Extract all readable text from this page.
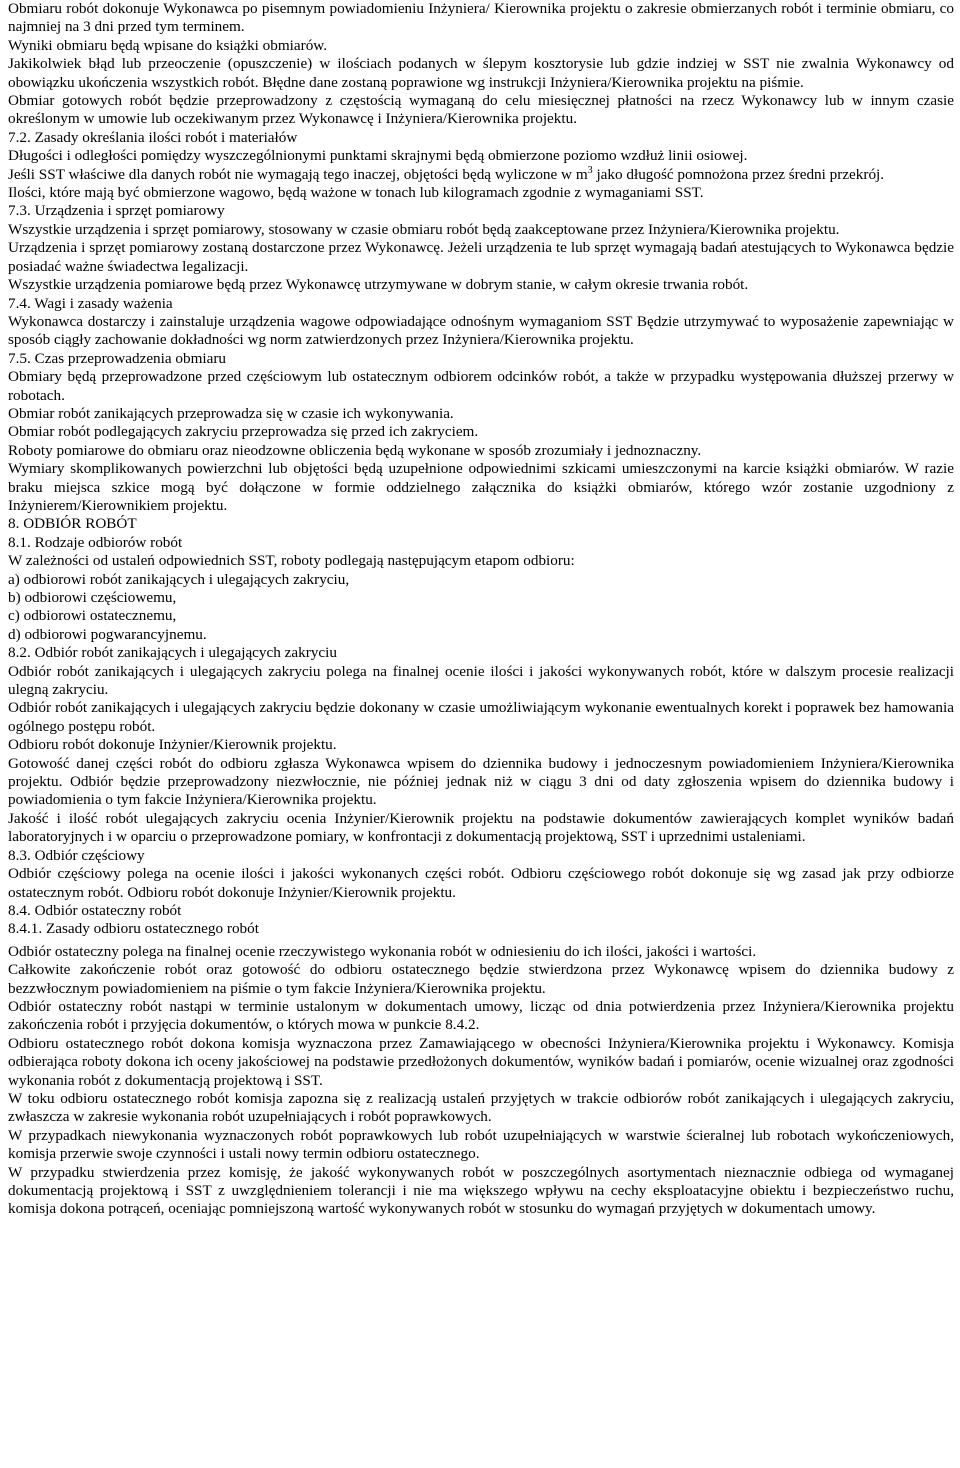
Obmiaru robót dokonuje Wykonawca po pisemnym powiadomieniu Inżyniera/ Kierownika projektu o zakresie obmierzanych robót i terminie obmiaru, co najmniej na 3 dni przed tym terminem.

Wyniki obmiaru będą wpisane do książki obmiarów.

Jakikolwiek błąd lub przeoczenie (opuszczenie) w ilościach podanych w ślepym kosztorysie lub gdzie indziej w SST nie zwalnia Wykonawcy od obowiązku ukończenia wszystkich robót. Błędne dane zostaną poprawione wg instrukcji Inżyniera/Kierownika projektu na piśmie.

Obmiar gotowych robót będzie przeprowadzony z częstością wymaganą do celu miesięcznej płatności na rzecz Wykonawcy lub w innym czasie określonym w umowie lub oczekiwanym przez Wykonawcę i Inżyniera/Kierownika projektu.

7.2. Zasady określania ilości robót i materiałów

Długości i odległości pomiędzy wyszczególnionymi punktami skrajnymi będą obmierzone poziomo wzdłuż linii osiowej.

Jeśli SST właściwe dla danych robót nie wymagają tego inaczej, objętości będą wyliczone w $m^3$ jako długość pomnożona przez średni przekrój.

Ilości, które mają być obmierzone wagowo, będą ważone w tonach lub kilogramach zgodnie z wymaganiami SST.

7.3. Urządzenia i sprzęt pomiarowy

Wszystkie urządzenia i sprzęt pomiarowy, stosowany w czasie obmiaru robót będą zaakceptowane przez Inżyniera/Kierownika projektu.

Urządzenia i sprzęt pomiarowy zostaną dostarczone przez Wykonawcę. Jeżeli urządzenia te lub sprzęt wymagają badań atestujących to Wykonawca będzie posiadać ważne świadectwa legalizacji.

Wszystkie urządzenia pomiarowe będą przez Wykonawcę utrzymywane w dobrym stanie, w całym okresie trwania robót.

7.4. Wagi i zasady ważenia

Wykonawca dostarczy i zainstaluje urządzenia wagowe odpowiadające odnośnym wymaganiom SST Będzie utrzymywać to wyposażenie zapewniając w sposób ciągły zachowanie dokładności wg norm zatwierdzonych przez Inżyniera/Kierownika projektu.

7.5. Czas przeprowadzenia obmiaru

Obmiary będą przeprowadzone przed częściowym lub ostatecznym odbiorem odcinków robót, a także w przypadku występowania dłuższej przerwy w robotach.

Obmiar robót zanikających przeprowadza się w czasie ich wykonywania.

Obmiar robót podlegających zakryciu przeprowadza się przed ich zakryciem.

Roboty pomiarowe do obmiaru oraz nieodzowne obliczenia będą wykonane w sposób zrozumiały i jednoznaczny.

Wymiary skomplikowanych powierzchni lub objętości będą uzupełnione odpowiednimi szkicami umieszczonymi na karcie książki obmiarów. W razie braku miejsca szkice mogą być dołączone w formie oddzielnego załącznika do książki obmiarów, którego wzór zostanie uzgodniony z Inżynierem/Kierownikiem projektu.

8. ODBIÓR ROBÓT

8.1. Rodzaje odbiorów robót

W zależności od ustaleń odpowiednich SST, roboty podlegają następującym etapom odbioru:

a) odbiorowi robót zanikających i ulegających zakryciu,

b) odbiorowi częściowemu,

c) odbiorowi ostatecznemu,

d) odbiorowi pogwarancyjnemu.

8.2. Odbiór robót zanikających i ulegających zakryciu

Odbiór robót zanikających i ulegających zakryciu polega na finalnej ocenie ilości i jakości wykonywanych robót, które w dalszym procesie realizacji ulegną zakryciu.

Odbiór robót zanikających i ulegających zakryciu będzie dokonany w czasie umożliwiającym wykonanie ewentualnych korekt i poprawek bez hamowania ogólnego postępu robót.

Odbioru robót dokonuje Inżynier/Kierownik projektu.

Gotowość danej części robót do odbioru zgłasza Wykonawca wpisem do dziennika budowy i jednoczesnym powiadomieniem Inżyniera/Kierownika projektu. Odbiór będzie przeprowadzony niezwłocznie, nie później jednak niż w ciągu 3 dni od daty zgłoszenia wpisem do dziennika budowy i powiadomienia o tym fakcie Inżyniera/Kierownika projektu.

Jakość i ilość robót ulegających zakryciu ocenia Inżynier/Kierownik projektu na podstawie dokumentów zawierających komplet wyników badań laboratoryjnych i w oparciu o przeprowadzone pomiary, w konfrontacji z dokumentacją projektową, SST i uprzednimi ustaleniami.

8.3. Odbiór częściowy

Odbiór częściowy polega na ocenie ilości i jakości wykonanych części robót. Odbioru częściowego robót dokonuje się wg zasad jak przy odbiorze ostatecznym robót. Odbioru robót dokonuje Inżynier/Kierownik projektu.

8.4. Odbiór ostateczny robót

8.4.1. Zasady odbioru ostatecznego robót

Odbiór ostateczny polega na finalnej ocenie rzeczywistego wykonania robót w odniesieniu do ich ilości, jakości i wartości.

Całkowite zakończenie robót oraz gotowość do odbioru ostatecznego będzie stwierdzona przez Wykonawcę wpisem do dziennika budowy z bezzwłocznym powiadomieniem na piśmie o tym fakcie Inżyniera/Kierownika projektu.

Odbiór ostateczny robót nastąpi w terminie ustalonym w dokumentach umowy, licząc od dnia potwierdzenia przez Inżyniera/Kierownika projektu zakończenia robót i przyjęcia dokumentów, o których mowa w punkcie 8.4.2.

Odbioru ostatecznego robót dokona komisja wyznaczona przez Zamawiającego w obecności Inżyniera/Kierownika projektu i Wykonawcy. Komisja odbierająca roboty dokona ich oceny jakościowej na podstawie przedłożonych dokumentów, wyników badań i pomiarów, ocenie wizualnej oraz zgodności wykonania robót z dokumentacją projektową i SST.

W toku odbioru ostatecznego robót komisja zapozna się z realizacją ustaleń przyjętych w trakcie odbiorów robót zanikających i ulegających zakryciu, zwłaszcza w zakresie wykonania robót uzupełniających i robót poprawkowych.

W przypadkach niewykonania wyznaczonych robót poprawkowych lub robót uzupełniających w warstwie ścieralnej lub robotach wykończeniowych, komisja przerwie swoje czynności i ustali nowy termin odbioru ostatecznego.

W przypadku stwierdzenia przez komisję, że jakość wykonywanych robót w poszczególnych asortymentach nieznacznie odbiega od wymaganej dokumentacją projektową i SST z uwzględnieniem tolerancji i nie ma większego wpływu na cechy eksploatacyjne obiektu i bezpieczeństwo ruchu, komisja dokona potrąceń, oceniając pomniejszoną wartość wykonywanych robót w stosunku do wymagań przyjętych w dokumentach umowy.
